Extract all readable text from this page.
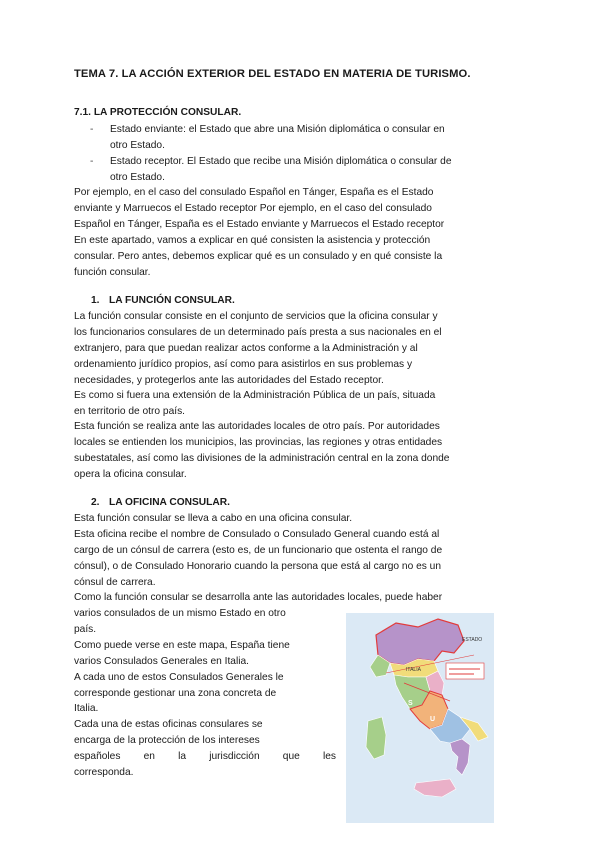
TEMA 7. LA ACCIÓN EXTERIOR DEL ESTADO EN MATERIA DE TURISMO.
7.1. LA PROTECCIÓN CONSULAR.
- Estado enviante: el Estado que abre una Misión diplomática o consular en
otro Estado.
- Estado receptor. El Estado que recibe una Misión diplomática o consular de
otro Estado.
Por ejemplo, en el caso del consulado Español en Tánger, España es el Estado
enviante y Marruecos el Estado receptor Por ejemplo, en el caso del consulado
Español en Tánger, España es el Estado enviante y Marruecos el Estado receptor
En este apartado, vamos a explicar en qué consisten la asistencia y protección
consular. Pero antes, debemos explicar qué es un consulado y en qué consiste la
función consular.
1. LA FUNCIÓN CONSULAR.
La función consular consiste en el conjunto de servicios que la oficina consular y
los funcionarios consulares de un determinado país presta a sus nacionales en el
extranjero, para que puedan realizar actos conforme a la Administración y al
ordenamiento jurídico propios, así como para asistirlos en sus problemas y
necesidades, y protegerlos ante las autoridades del Estado receptor.
Es como si fuera una extensión de la Administración Pública de un país, situada
en territorio de otro país.
Esta función se realiza ante las autoridades locales de otro país. Por autoridades
locales se entienden los municipios, las provincias, las regiones y otras entidades
subestatales, así como las divisiones de la administración central en la zona donde
opera la oficina consular.
2. LA OFICINA CONSULAR.
Esta función consular se lleva a cabo en una oficina consular.
Esta oficina recibe el nombre de Consulado o Consulado General cuando está al
cargo de un cónsul de carrera (esto es, de un funcionario que ostenta el rango de
cónsul), o de Consulado Honorario cuando la persona que está al cargo no es un
cónsul de carrera.
Como la función consular se desarrolla ante las autoridades locales, puede haber
varios consulados de un mismo Estado en otro
país.
Como puede verse en este mapa, España tiene
varios Consulados Generales en Italia.
A cada uno de estos Consulados Generales le
corresponde gestionar una zona concreta de
Italia.
Cada una de estas oficinas consulares se
encarga de la protección de los intereses
españoles en la jurisdicción que les
corresponda.
ESTADO
S
ITALIA
U
